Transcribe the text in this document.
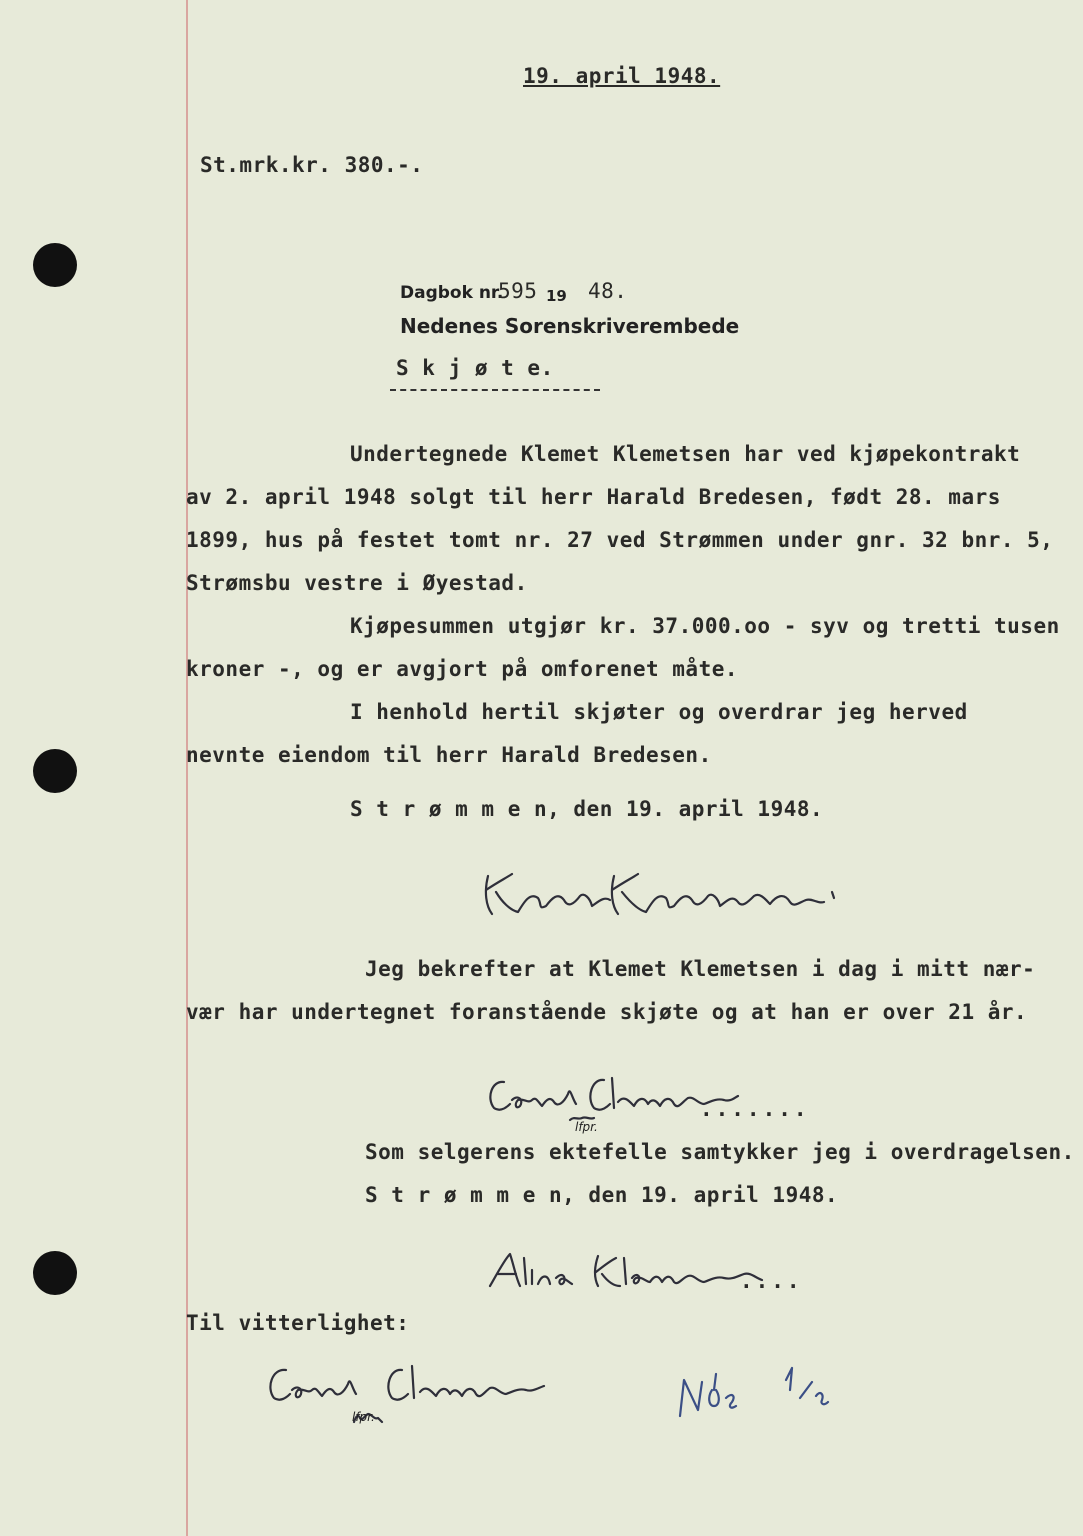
19. april 1948.
St.mrk.kr. 380.-.
Dagbok nr.
595 19 48.
Nedenes Sorenskriverembede
S k j ø t e.
Undertegnede Klemet Klemetsen har ved kjøpekontrakt
av 2. april 1948 solgt til herr Harald Bredesen, født 28. mars
1899, hus på festet tomt nr. 27 ved Strømmen under gnr. 32 bnr. 5,
Strømsbu vestre i Øyestad.
Kjøpesummen utgjør kr. 37.000.oo - syv og tretti tusen
kroner -, og er avgjort på omforenet måte.
I henhold hertil skjøter og overdrar jeg herved
nevnte eiendom til herr Harald Bredesen.
S t r ø m m e n, den 19. april 1948.
Jeg bekrefter at Klemet Klemetsen i dag i mitt nær-
vær har undertegnet foranstående skjøte og at han er over 21 år.
.......
lfpr.
Som selgerens ektefelle samtykker jeg i overdragelsen.
S t r ø m m e n, den 19. april 1948.
....
Til vitterlighet:
lfpr.
